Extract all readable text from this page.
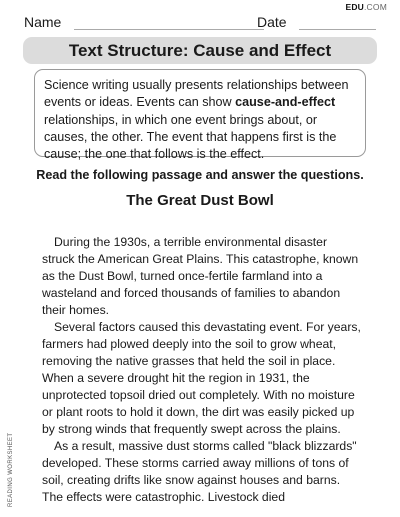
EDU.COM
Name	Date
Text Structure: Cause and Effect
Science writing usually presents relationships between events or ideas. Events can show cause-and-effect relationships, in which one event brings about, or causes, the other. The event that happens first is the cause; the one that follows is the effect.
Read the following passage and answer the questions.
The Great Dust Bowl

During the 1930s, a terrible environmental disaster struck the American Great Plains. This catastrophe, known as the Dust Bowl, turned once-fertile farmland into a wasteland and forced thousands of families to abandon their homes.

Several factors caused this devastating event. For years, farmers had plowed deeply into the soil to grow wheat, removing the native grasses that held the soil in place. When a severe drought hit the region in 1931, the unprotected topsoil dried out completely. With no moisture or plant roots to hold it down, the dirt was easily picked up by strong winds that frequently swept across the plains.

As a result, massive dust storms called "black blizzards" developed. These storms carried away millions of tons of soil, creating drifts like snow against houses and barns. The effects were catastrophic. Livestock died

READING WORKSHEET
